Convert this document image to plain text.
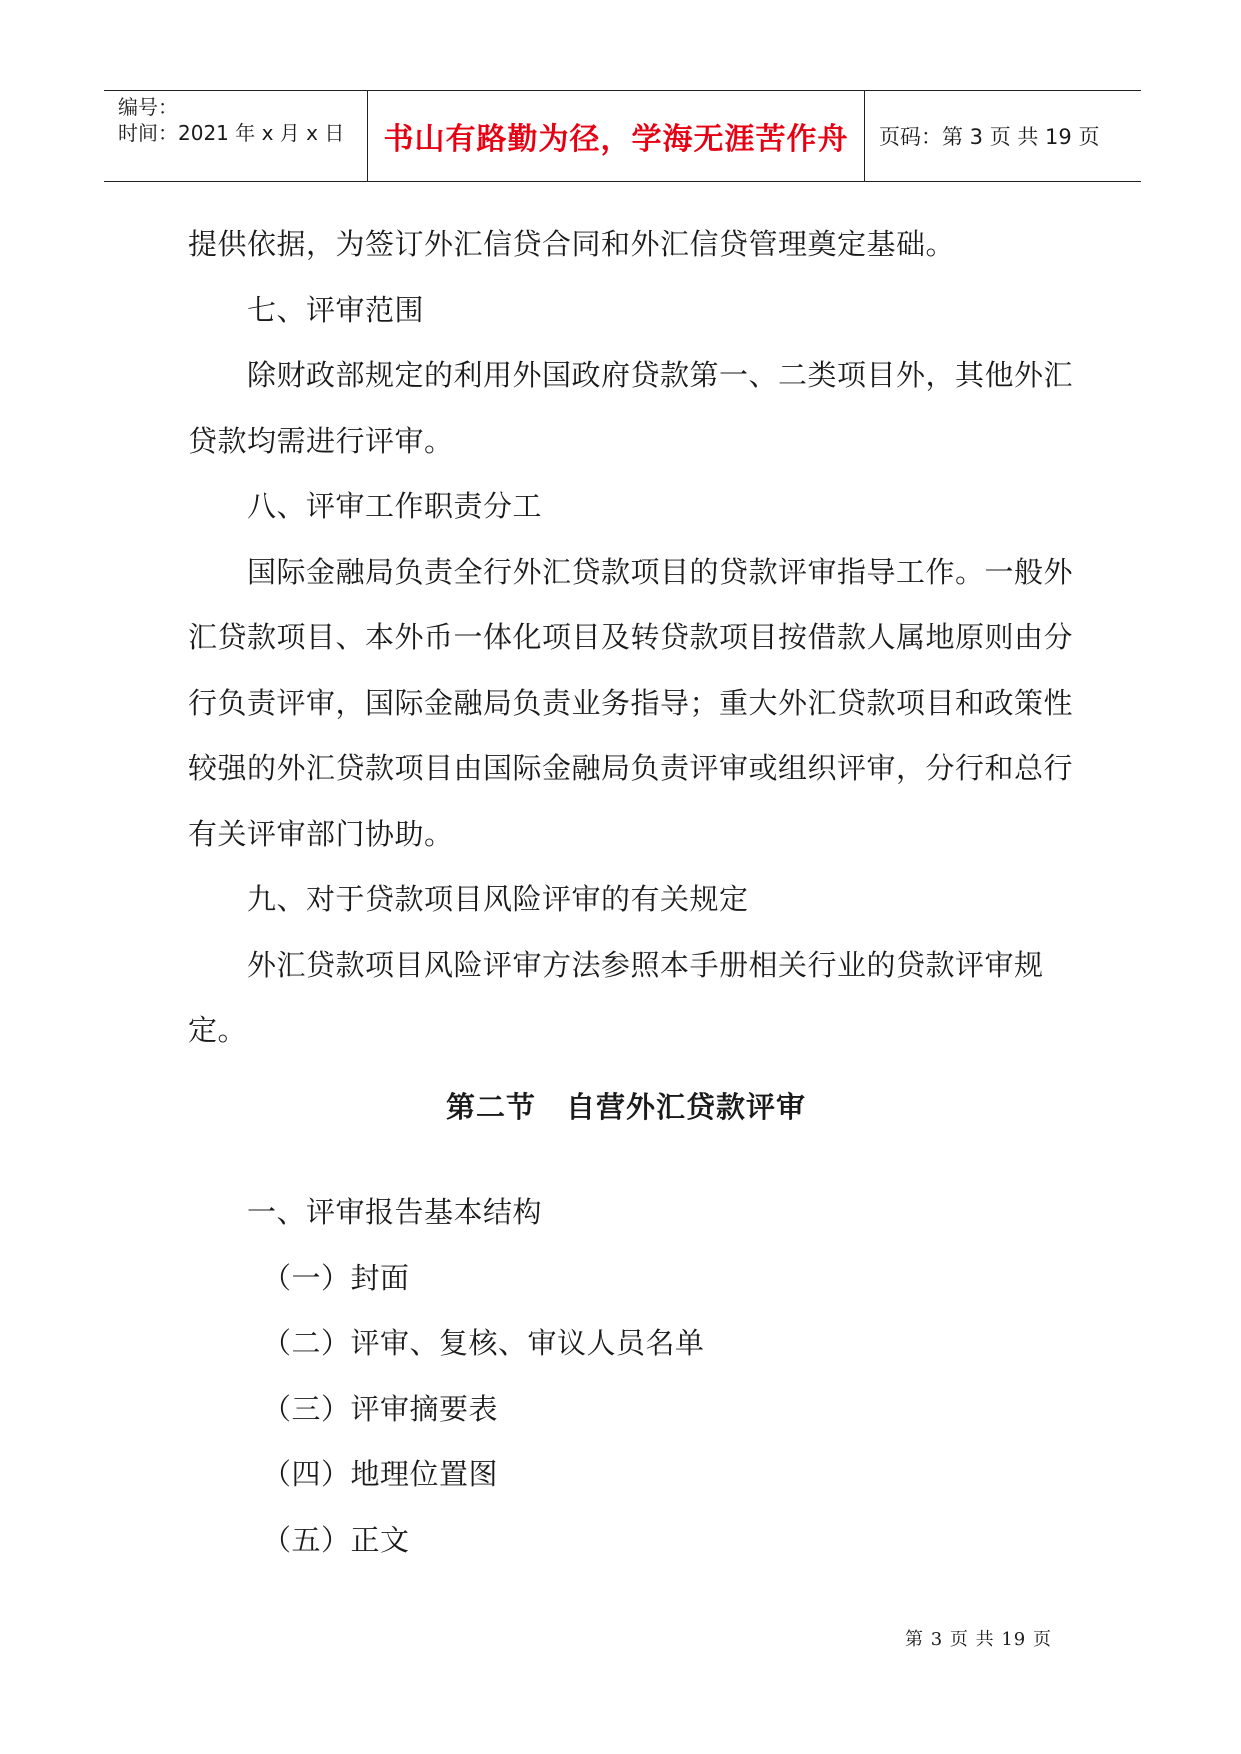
编号：
时间：2021 年 x 月 x 日	书山有路勤为径，学海无涯苦作舟	页码：第 3 页 共 19 页
提供依据，为签订外汇信贷合同和外汇信贷管理奠定基础。
七、评审范围
除财政部规定的利用外国政府贷款第一、二类项目外，其他外汇
贷款均需进行评审。
八、评审工作职责分工
国际金融局负责全行外汇贷款项目的贷款评审指导工作。一般外
汇贷款项目、本外币一体化项目及转贷款项目按借款人属地原则由分
行负责评审，国际金融局负责业务指导；重大外汇贷款项目和政策性
较强的外汇贷款项目由国际金融局负责评审或组织评审，分行和总行
有关评审部门协助。
九、对于贷款项目风险评审的有关规定
外汇贷款项目风险评审方法参照本手册相关行业的贷款评审规
定。
第二节 自营外汇贷款评审
一、评审报告基本结构
（一）封面
（二）评审、复核、审议人员名单
（三）评审摘要表
（四）地理位置图
（五）正文
第 3 页 共 19 页
